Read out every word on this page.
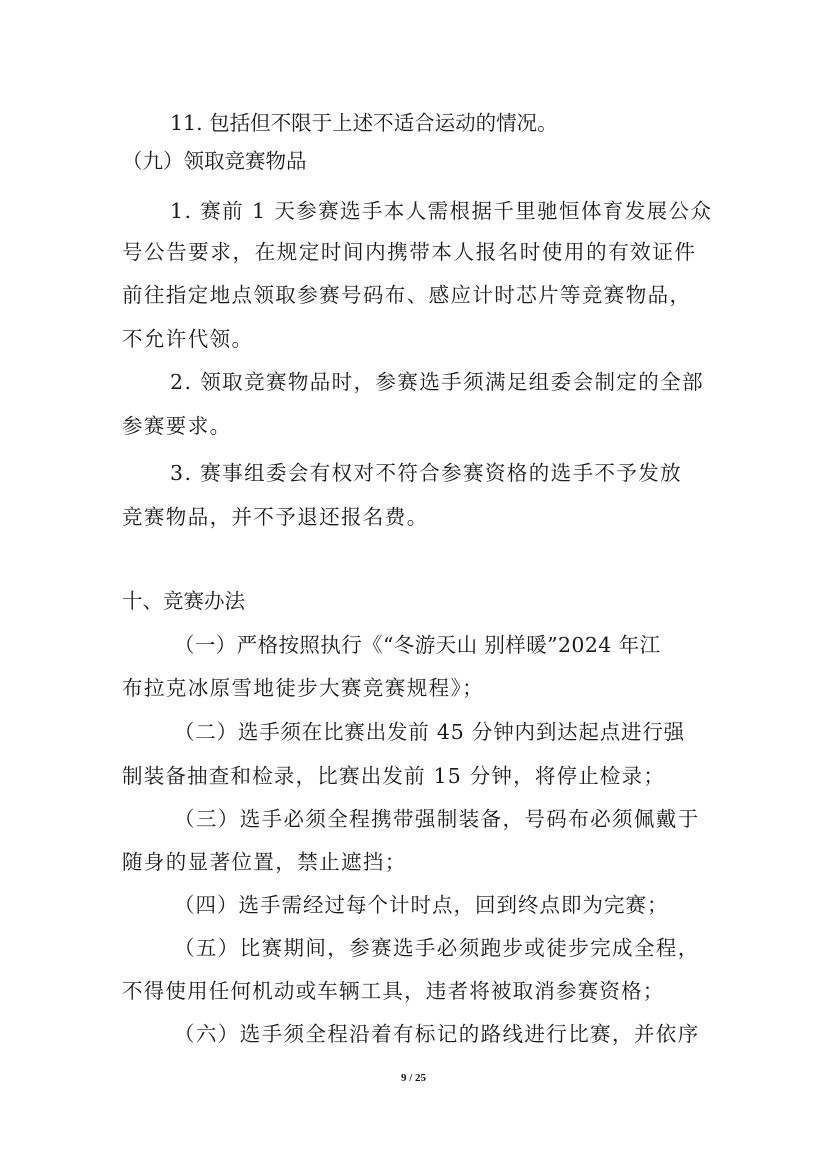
11. 包括但不限于上述不适合运动的情况。
（九）领取竞赛物品
1. 赛前 1 天参赛选手本人需根据千里驰恒体育发展公众
号公告要求，在规定时间内携带本人报名时使用的有效证件
前往指定地点领取参赛号码布、感应计时芯片等竞赛物品，
不允许代领。
2. 领取竞赛物品时，参赛选手须满足组委会制定的全部
参赛要求。
3. 赛事组委会有权对不符合参赛资格的选手不予发放
竞赛物品，并不予退还报名费。
十、竞赛办法
（一）严格按照执行《“冬游天山 别样暖”2024 年江
布拉克冰原雪地徒步大赛竞赛规程》；
（二）选手须在比赛出发前 45 分钟内到达起点进行强
制装备抽查和检录，比赛出发前 15 分钟，将停止检录；
（三）选手必须全程携带强制装备，号码布必须佩戴于
随身的显著位置，禁止遮挡；
（四）选手需经过每个计时点，回到终点即为完赛；
（五）比赛期间，参赛选手必须跑步或徒步完成全程，
不得使用任何机动或车辆工具，违者将被取消参赛资格；
（六）选手须全程沿着有标记的路线进行比赛，并依序
9 / 25
